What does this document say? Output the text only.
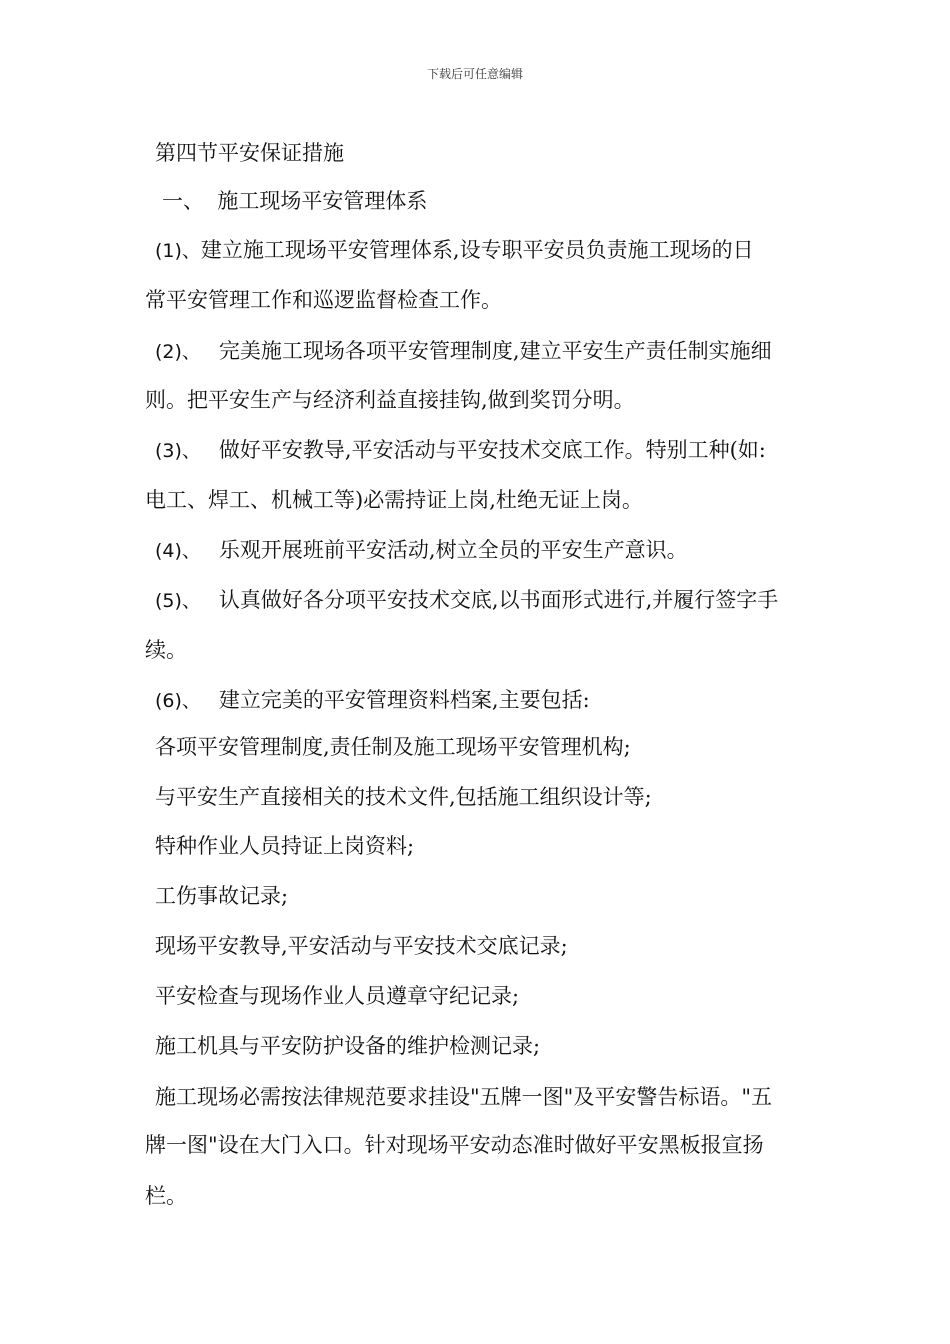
下载后可任意编辑
第四节平安保证措施
一、  施工现场平安管理体系
(1)、建立施工现场平安管理体系,设专职平安员负责施工现场的日
常平安管理工作和巡逻监督检查工作。
(2)、 完美施工现场各项平安管理制度,建立平安生产责任制实施细
则。把平安生产与经济利益直接挂钩,做到奖罚分明。
(3)、 做好平安教导,平安活动与平安技术交底工作。特别工种(如:
电工、焊工、机械工等)必需持证上岗,杜绝无证上岗。
(4)、 乐观开展班前平安活动,树立全员的平安生产意识。
(5)、 认真做好各分项平安技术交底,以书面形式进行,并履行签字手
续。
(6)、 建立完美的平安管理资料档案,主要包括:
各项平安管理制度,责任制及施工现场平安管理机构;
与平安生产直接相关的技术文件,包括施工组织设计等;
特种作业人员持证上岗资料;
工伤事故记录;
现场平安教导,平安活动与平安技术交底记录;
平安检查与现场作业人员遵章守纪记录;
施工机具与平安防护设备的维护检测记录;
施工现场必需按法律规范要求挂设"五牌一图"及平安警告标语。"五
牌一图"设在大门入口。针对现场平安动态准时做好平安黑板报宣扬
栏。
